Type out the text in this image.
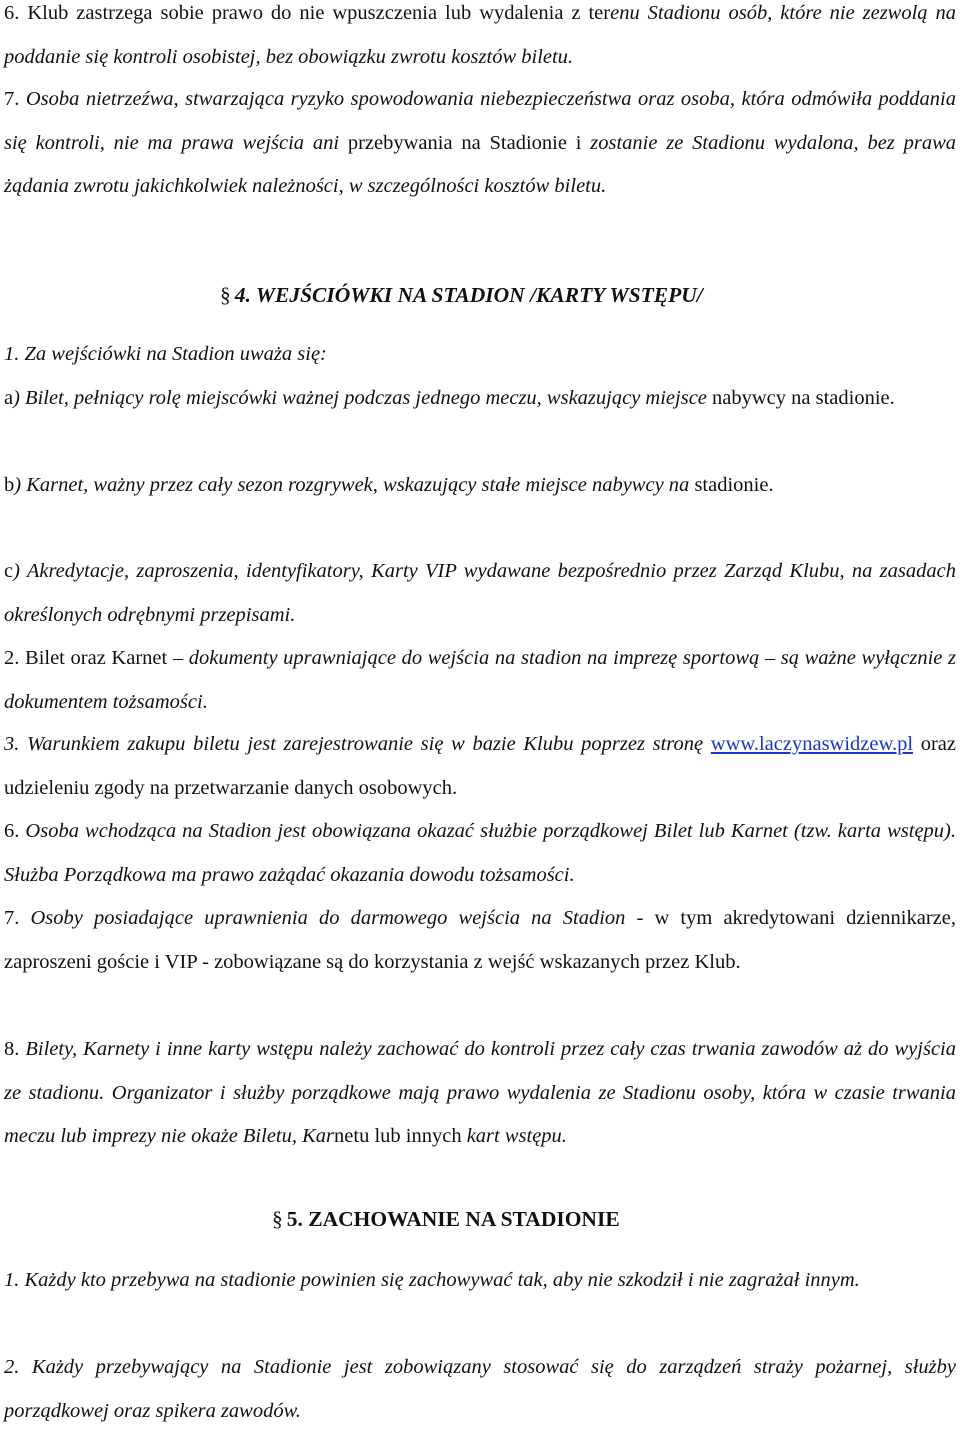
6. Klub zastrzega sobie prawo do nie wpuszczenia lub wydalenia z terenu Stadionu osób, które nie zezwolą na poddanie się kontroli osobistej, bez obowiązku zwrotu kosztów biletu.

7. Osoba nietrzeźwa, stwarzająca ryzyko spowodowania niebezpieczeństwa oraz osoba, która odmówiła poddania się kontroli, nie ma prawa wejścia ani przebywania na Stadionie i zostanie ze Stadionu wydalona, bez prawa żądania zwrotu jakichkolwiek należności, w szczególności kosztów biletu.

§ 4. WEJŚCIÓWKI NA STADION /KARTY WSTĘPU/

1. Za wejściówki na Stadion uważa się:

a) Bilet, pełniący rolę miejscówki ważnej podczas jednego meczu, wskazujący miejsce nabywcy na stadionie.

b) Karnet, ważny przez cały sezon rozgrywek, wskazujący stałe miejsce nabywcy na stadionie.

c) Akredytacje, zaproszenia, identyfikatory, Karty VIP wydawane bezpośrednio przez Zarząd Klubu, na zasadach określonych odrębnymi przepisami.

2. Bilet oraz Karnet – dokumenty uprawniające do wejścia na stadion na imprezę sportową – są ważne wyłącznie z dokumentem tożsamości.

3. Warunkiem zakupu biletu jest zarejestrowanie się w bazie Klubu poprzez stronę www.laczynaswidzew.pl oraz udzieleniu zgody na przetwarzanie danych osobowych.

6. Osoba wchodząca na Stadion jest obowiązana okazać służbie porządkowej Bilet lub Karnet (tzw. karta wstępu). Służba Porządkowa ma prawo zażądać okazania dowodu tożsamości.

7. Osoby posiadające uprawnienia do darmowego wejścia na Stadion - w tym akredytowani dziennikarze, zaproszeni goście i VIP - zobowiązane są do korzystania z wejść wskazanych przez Klub.

8. Bilety, Karnety i inne karty wstępu należy zachować do kontroli przez cały czas trwania zawodów aż do wyjścia ze stadionu. Organizator i służby porządkowe mają prawo wydalenia ze Stadionu osoby, która w czasie trwania meczu lub imprezy nie okaże Biletu, Karnetu lub innych kart wstępu.

§ 5. ZACHOWANIE NA STADIONIE

1. Każdy kto przebywa na stadionie powinien się zachowywać tak, aby nie szkodził i nie zagrażał innym.

2. Każdy przebywający na Stadionie jest zobowiązany stosować się do zarządzeń straży pożarnej, służby porządkowej oraz spikera zawodów.
